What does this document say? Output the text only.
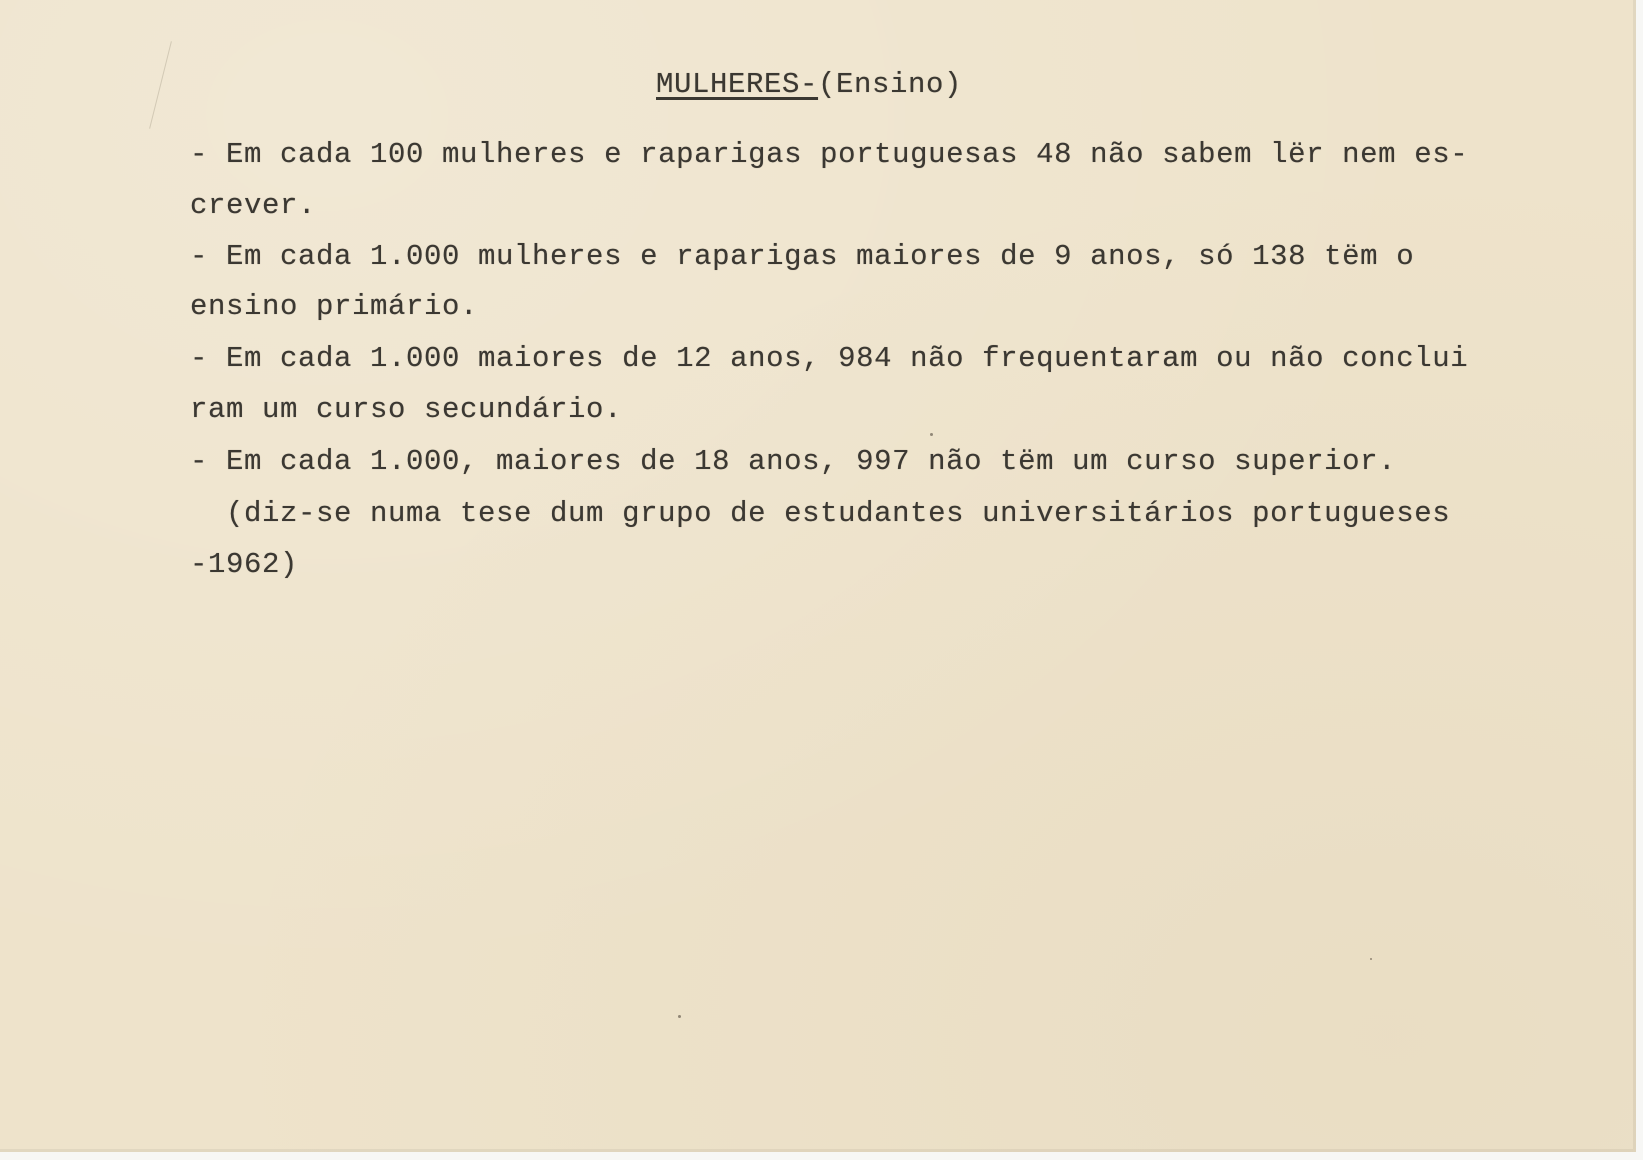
MULHERES-(Ensino)
- Em cada 100 mulheres e raparigas portuguesas 48 não sabem lër nem es-
crever.
- Em cada 1.000 mulheres e raparigas maiores de 9 anos, só 138 tëm o
ensino primário.
- Em cada 1.000 maiores de 12 anos, 984 não frequentaram ou não conclui
ram um curso secundário.
- Em cada 1.000, maiores de 18 anos, 997 não tëm um curso superior.
(diz-se numa tese dum grupo de estudantes universitários portugueses
-1962)
